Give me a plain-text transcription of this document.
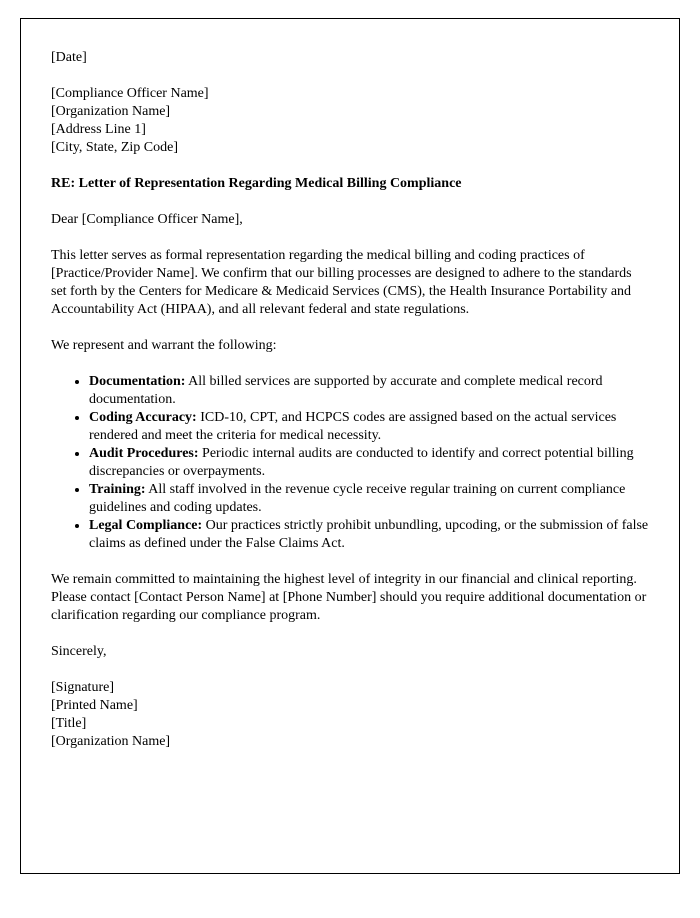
[Date]

[Compliance Officer Name]

[Organization Name]

[Address Line 1]

[City, State, Zip Code]

RE: Letter of Representation Regarding Medical Billing Compliance

Dear [Compliance Officer Name],

This letter serves as formal representation regarding the medical billing and coding practices of [Practice/Provider Name]. We confirm that our billing processes are designed to adhere to the standards set forth by the Centers for Medicare & Medicaid Services (CMS), the Health Insurance Portability and Accountability Act (HIPAA), and all relevant federal and state regulations.

We represent and warrant the following:

• Documentation: All billed services are supported by accurate and complete medical record documentation.
• Coding Accuracy: ICD-10, CPT, and HCPCS codes are assigned based on the actual services rendered and meet the criteria for medical necessity.
• Audit Procedures: Periodic internal audits are conducted to identify and correct potential billing discrepancies or overpayments.
• Training: All staff involved in the revenue cycle receive regular training on current compliance guidelines and coding updates.
• Legal Compliance: Our practices strictly prohibit unbundling, upcoding, or the submission of false claims as defined under the False Claims Act.

We remain committed to maintaining the highest level of integrity in our financial and clinical reporting. Please contact [Contact Person Name] at [Phone Number] should you require additional documentation or clarification regarding our compliance program.

Sincerely,

[Signature]

[Printed Name]

[Title]

[Organization Name]
